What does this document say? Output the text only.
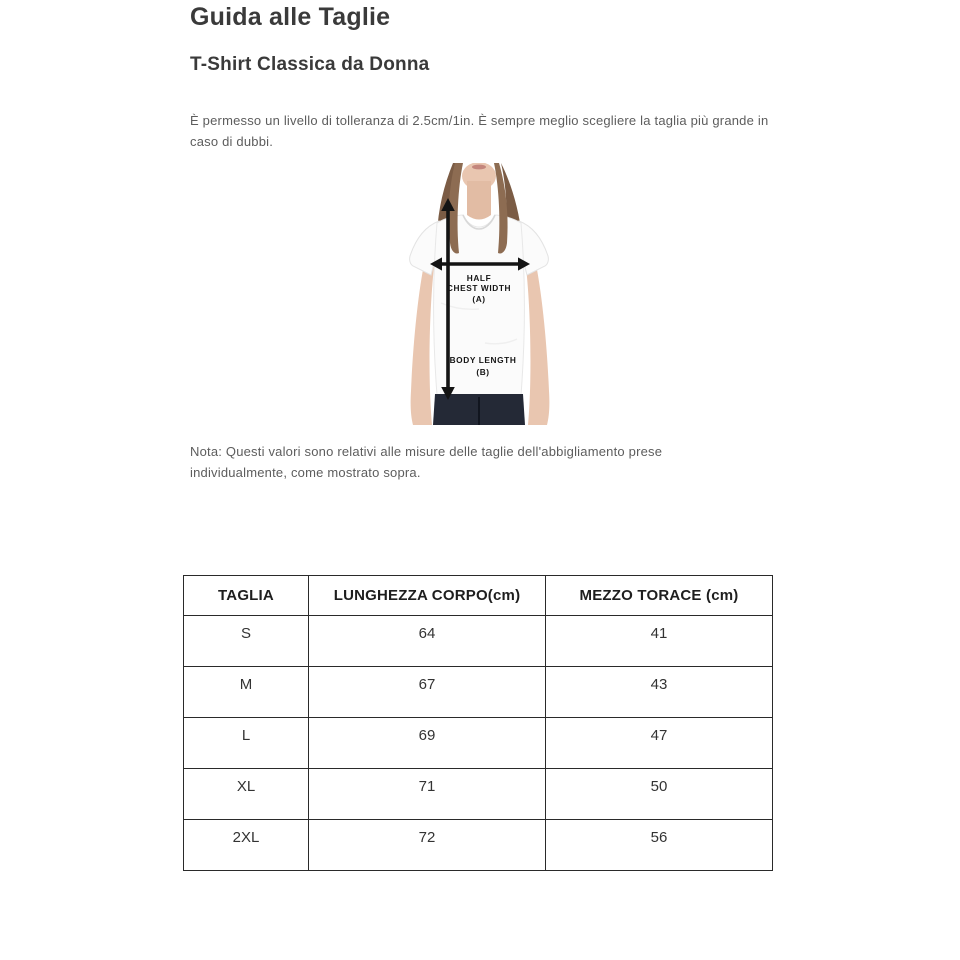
Guida alle Taglie
T-Shirt Classica da Donna

È permesso un livello di tolleranza di 2.5cm/1in. È sempre meglio scegliere la taglia più grande in caso di dubbi.

HALF
CHEST WIDTH
(A)
BODY LENGTH
(B)

Nota: Questi valori sono relativi alle misure delle taglie dell'abbigliamento prese individualmente, come mostrato sopra.

TAGLIA	LUNGHEZZA CORPO(cm)	MEZZO TORACE (cm)
S	64	41
M	67	43
L	69	47
XL	71	50
2XL	72	56
